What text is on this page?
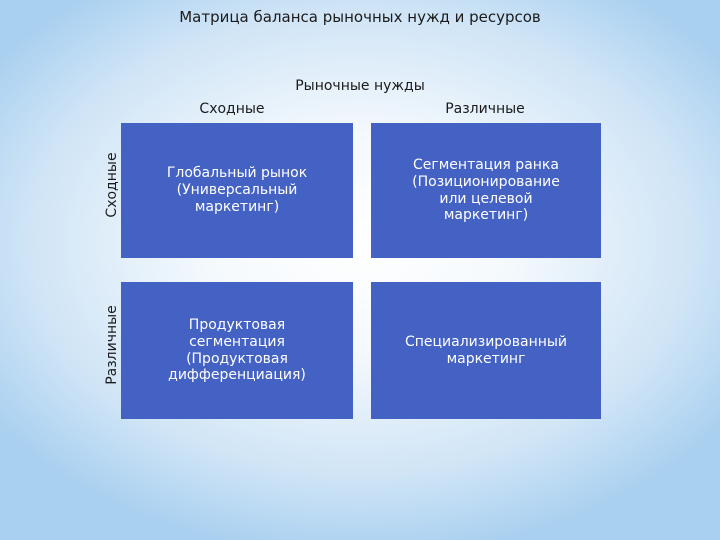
Матрица баланса рыночных нужд и ресурсов
Рыночные нужды
Сходные	Различные
Сходные
Различные
Глобальный рынок
(Универсальный
маркетинг)
Сегментация ранка
(Позиционирование
или целевой
маркетинг)
Продуктовая
сегментация
(Продуктовая
дифференциация)
Специализированный
маркетинг
